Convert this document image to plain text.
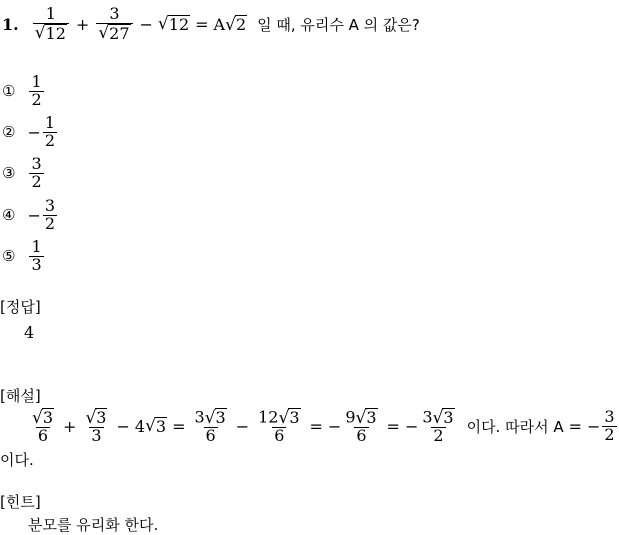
1. $\frac{1}{√ 12} + \frac{3}{√ 27}$ − √ 12 = A √ 2 일 때, 유리수 A 의 값은?
① $\frac{1}{2}$
② − $\frac{1}{2}$
③ $\frac{3}{2}$
④ − $\frac{3}{2}$
⑤ $\frac{1}{3}$
[정답]
4
[해설]
$\frac{√ 3}{6} + \frac{√ 3}{3} - 4$ √ $3 = \frac{3 √ 3}{6} - \frac{12 √ 3}{6}$ = − $\frac{9 √ 3}{6}$ = − $\frac{3 √ 3}{2}$ 이다. 따라서 A = − $\frac{3}{2}$
이다.
[힌트]
분모를 유리화 한다.
